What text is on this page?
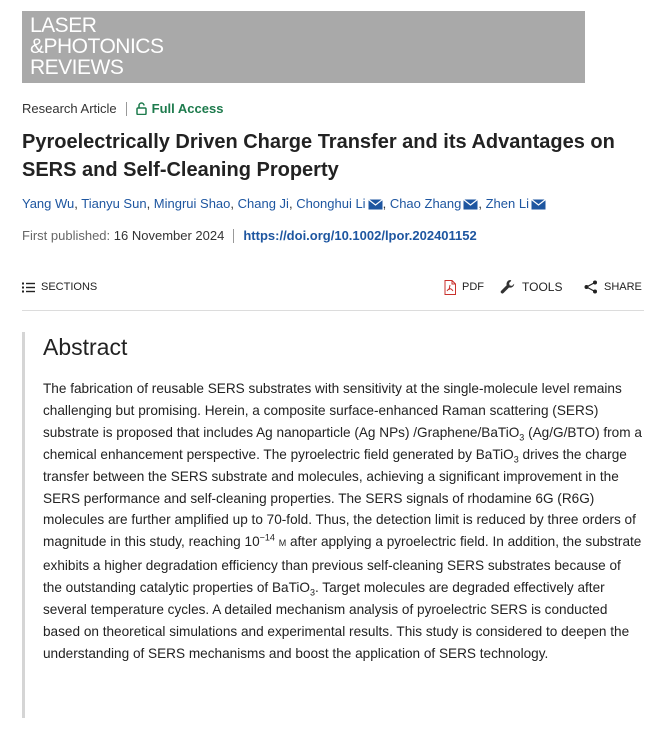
LASER
&PHOTONICS
REVIEWS
Research Article	Full Access
Pyroelectrically Driven Charge Transfer and its Advantages on SERS and Self-Cleaning Property
Yang Wu, Tianyu Sun, Mingrui Shao, Chang Ji, Chonghui Li , Chao Zhang , Zhen Li
First published:
16 November 2024 https://doi.org/10.1002/lpor.202401152
SECTIONS	PDF	TOOLS	SHARE
Abstract

The fabrication of reusable SERS substrates with sensitivity at the single-molecule level remains challenging but promising. Herein, a composite surface-enhanced Raman scattering (SERS) substrate is proposed that includes Ag nanoparticle (Ag NPs) /Graphene/BaTiO$_3$ (Ag/G/BTO) from a chemical enhancement perspective. The pyroelectric field generated by BaTiO$_3$ drives the charge transfer between the SERS substrate and molecules, achieving a significant improvement in the SERS performance and self-cleaning properties. The SERS signals of rhodamine 6G (R6G) molecules are further amplified up to 70-fold. Thus, the detection limit is reduced by three orders of magnitude in this study, reaching $10^{-14}$ M after applying a pyroelectric field. In addition, the substrate exhibits a higher degradation efficiency than previous self-cleaning SERS substrates because of the outstanding catalytic properties of BaTiO$_3$. Target molecules are degraded effectively after several temperature cycles. A detailed mechanism analysis of pyroelectric SERS is conducted based on theoretical simulations and experimental results. This study is considered to deepen the understanding of SERS mechanisms and boost the application of SERS technology.
